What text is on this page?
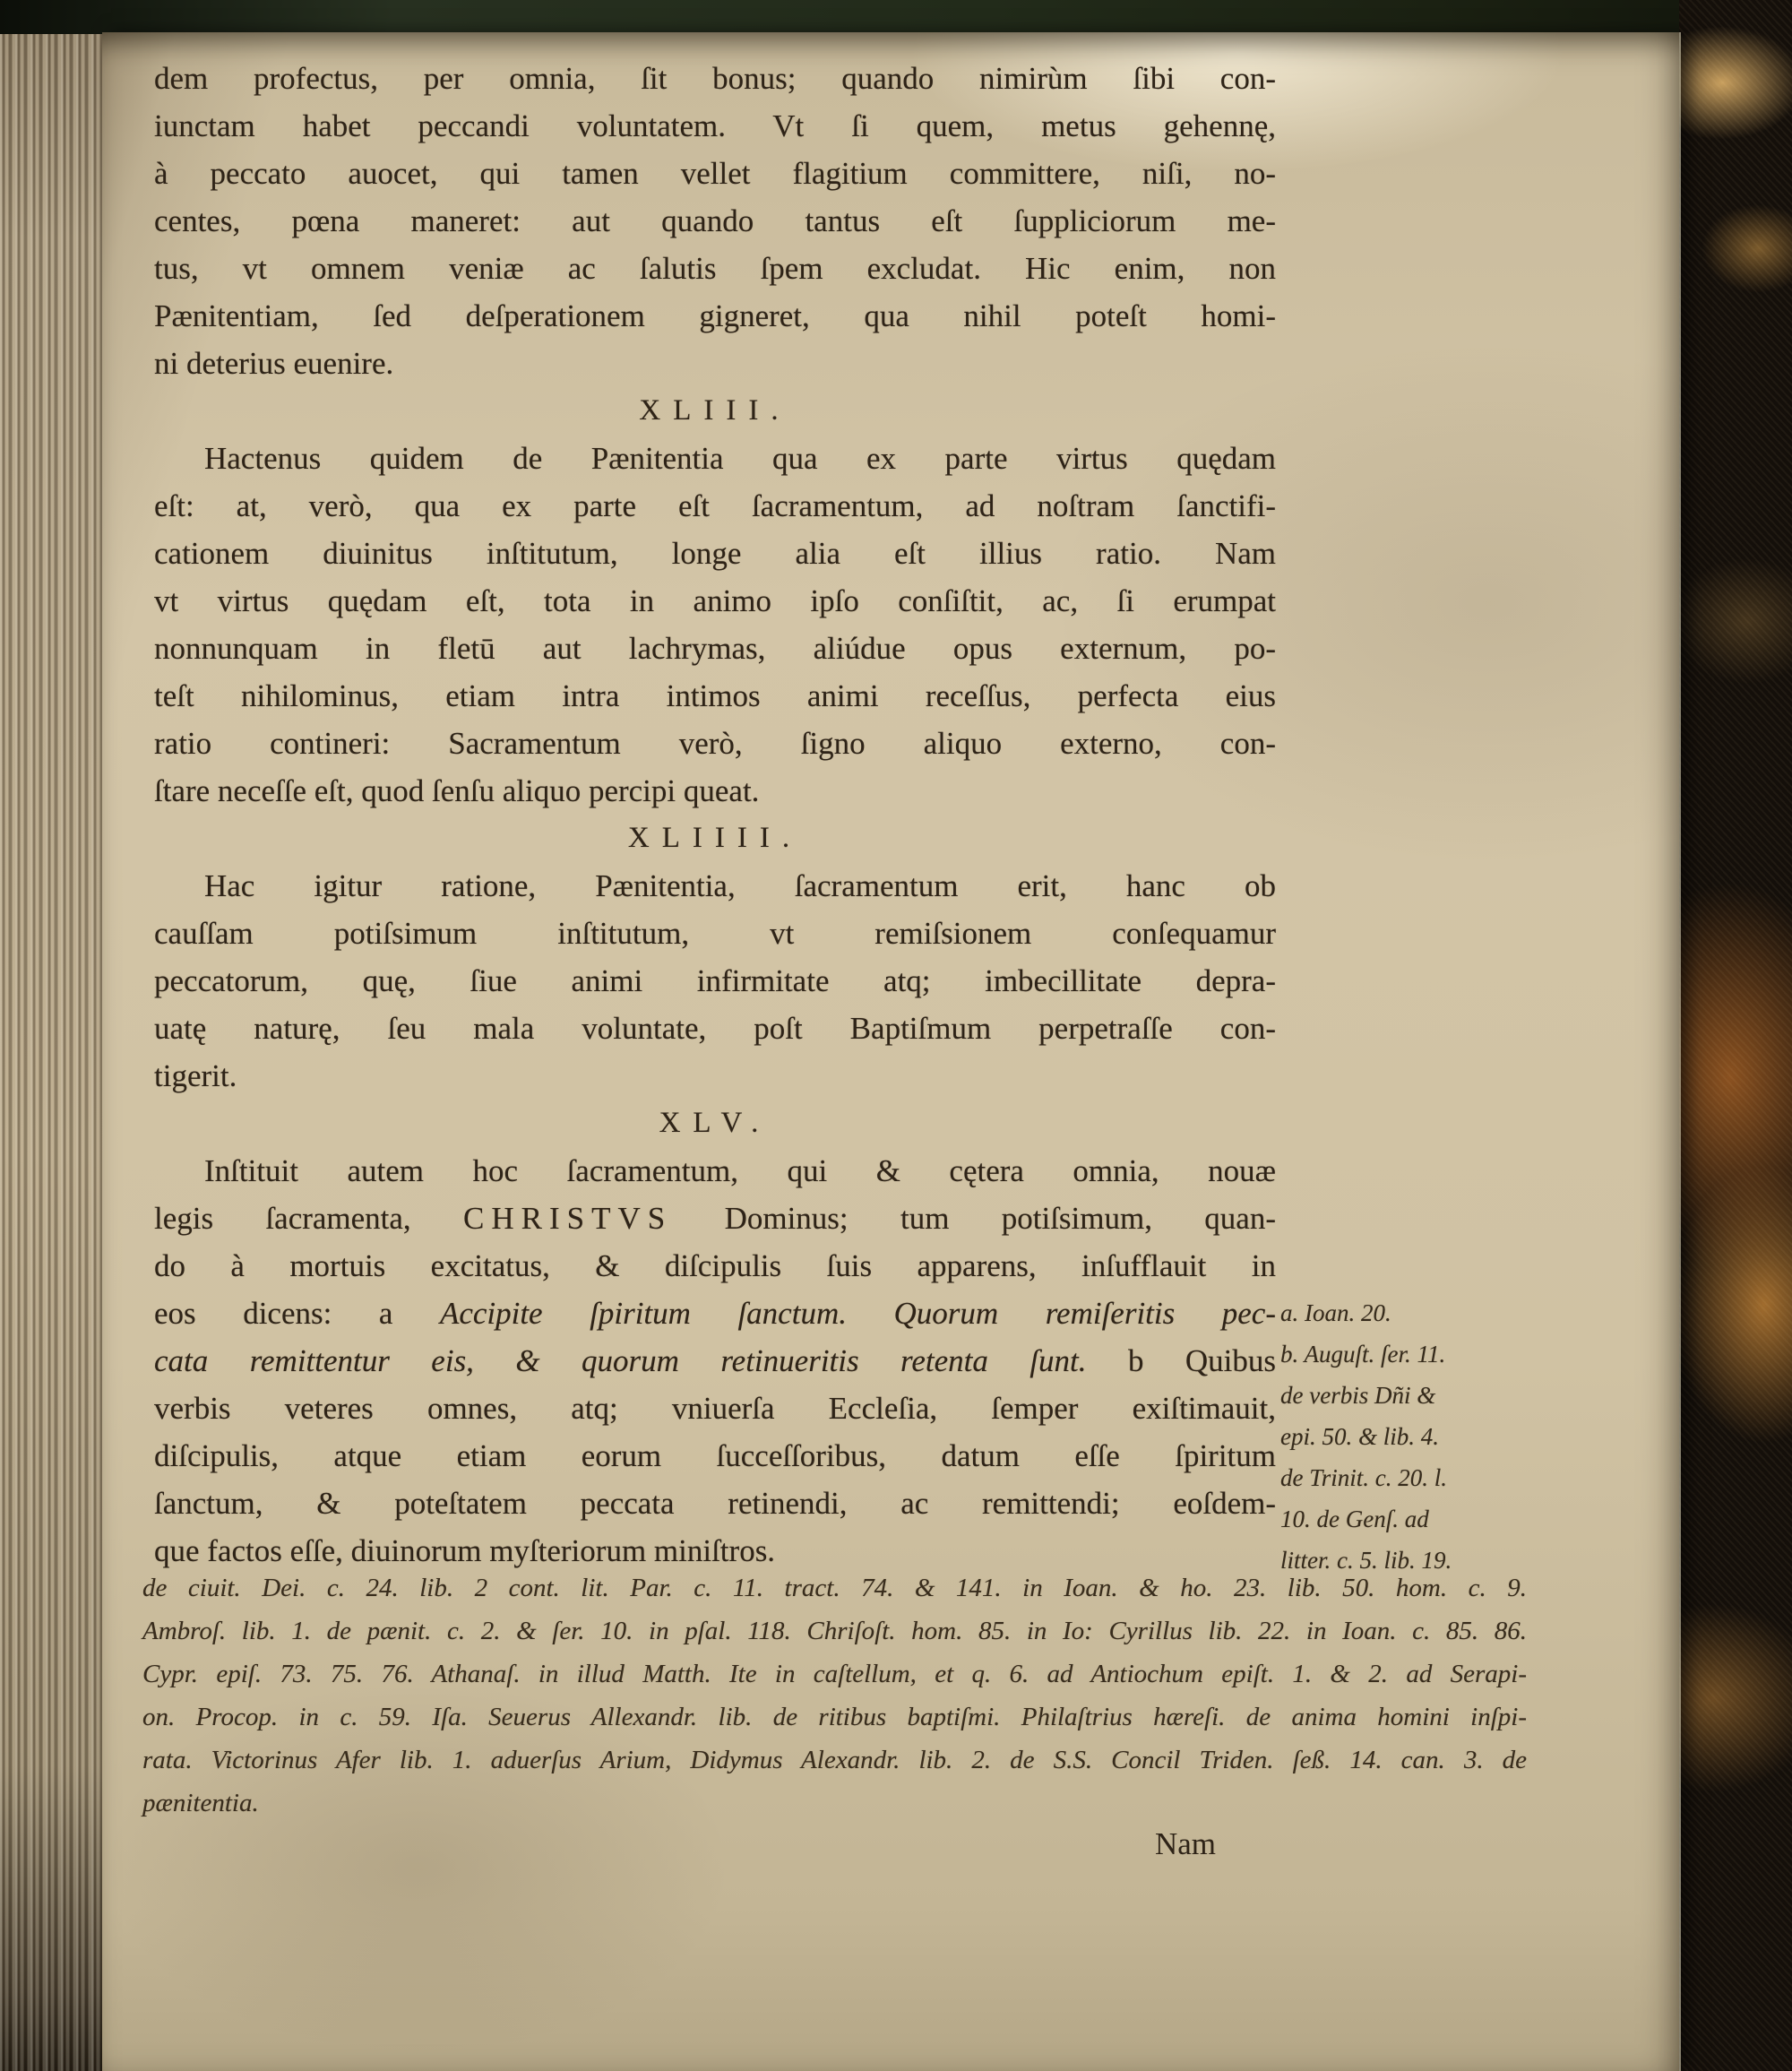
dem profectus, per omnia, ſit bonus; quando nimirùm ſibi con-
iunctam habet peccandi voluntatem. Vt ſi quem, metus gehennę,
à peccato auocet, qui tamen vellet flagitium committere, niſi, no-
centes, pœna maneret: aut quando tantus eſt ſuppliciorum me-
tus, vt omnem veniæ ac ſalutis ſpem excludat. Hic enim, non
Pænitentiam, ſed deſperationem gigneret, qua nihil poteſt homi-
ni deterius euenire.
XLIII.
Hactenus quidem de Pænitentia qua ex parte virtus quędam
eſt: at, verò, qua ex parte eſt ſacramentum, ad noſtram ſanctifi-
cationem diuinitus inſtitutum, longe alia eſt illius ratio. Nam
vt virtus quędam eſt, tota in animo ipſo conſiſtit, ac, ſi erumpat
nonnunquam in fletū aut lachrymas, aliúdue opus externum, po-
teſt nihilominus, etiam intra intimos animi receſſus, perfecta eius
ratio contineri: Sacramentum verò, ſigno aliquo externo, con-
ſtare neceſſe eſt, quod ſenſu aliquo percipi queat.
XLIIII.
Hac igitur ratione, Pænitentia, ſacramentum erit, hanc ob
cauſſam potiſsimum inſtitutum, vt remiſsionem conſequamur
peccatorum, quę, ſiue animi infirmitate atq; imbecillitate depra-
uatę naturę, ſeu mala voluntate, poſt Baptiſmum perpetraſſe con-
tigerit.
XLV.
Inſtituit autem hoc ſacramentum, qui & cętera omnia, nouæ
legis ſacramenta, CHRISTVS Dominus; tum potiſsimum, quan-
do à mortuis excitatus, & diſcipulis ſuis apparens, inſufflauit in
eos dicens: a Accipite ſpiritum ſanctum. Quorum remiſeritis pec-
cata remittentur eis, & quorum retinueritis retenta ſunt. b Quibus
verbis veteres omnes, atq; vniuerſa Eccleſia, ſemper exiſtimauit,
diſcipulis, atque etiam eorum ſucceſſoribus, datum eſſe ſpiritum
ſanctum, & poteſtatem peccata retinendi, ac remittendi; eoſdem-
que factos eſſe, diuinorum myſteriorum miniſtros.
a. Ioan. 20.
b. Auguſt. ſer. 11.
de verbis Dñi &
epi. 50. & lib. 4.
de Trinit. c. 20. l.
10. de Genſ. ad
litter. c. 5. lib. 19.
de ciuit. Dei. c. 24. lib. 2 cont. lit. Par. c. 11. tract. 74. & 141. in Ioan. & ho. 23. lib. 50. hom. c. 9.
Ambroſ. lib. 1. de pænit. c. 2. & ſer. 10. in pſal. 118. Chriſoſt. hom. 85. in Io: Cyrillus lib. 22. in Ioan. c. 85. 86.
Cypr. epiſ. 73. 75. 76. Athanaſ. in illud Matth. Ite in caſtellum, et q. 6. ad Antiochum epiſt. 1. & 2. ad Serapi-
on. Procop. in c. 59. Iſa. Seuerus Allexandr. lib. de ritibus baptiſmi. Philaſtrius hæreſi. de anima homini inſpi-
rata. Victorinus Afer lib. 1. aduerſus Arium, Didymus Alexandr. lib. 2. de S.S. Concil Triden. ſeß. 14. can. 3. de
pænitentia.
Nam
